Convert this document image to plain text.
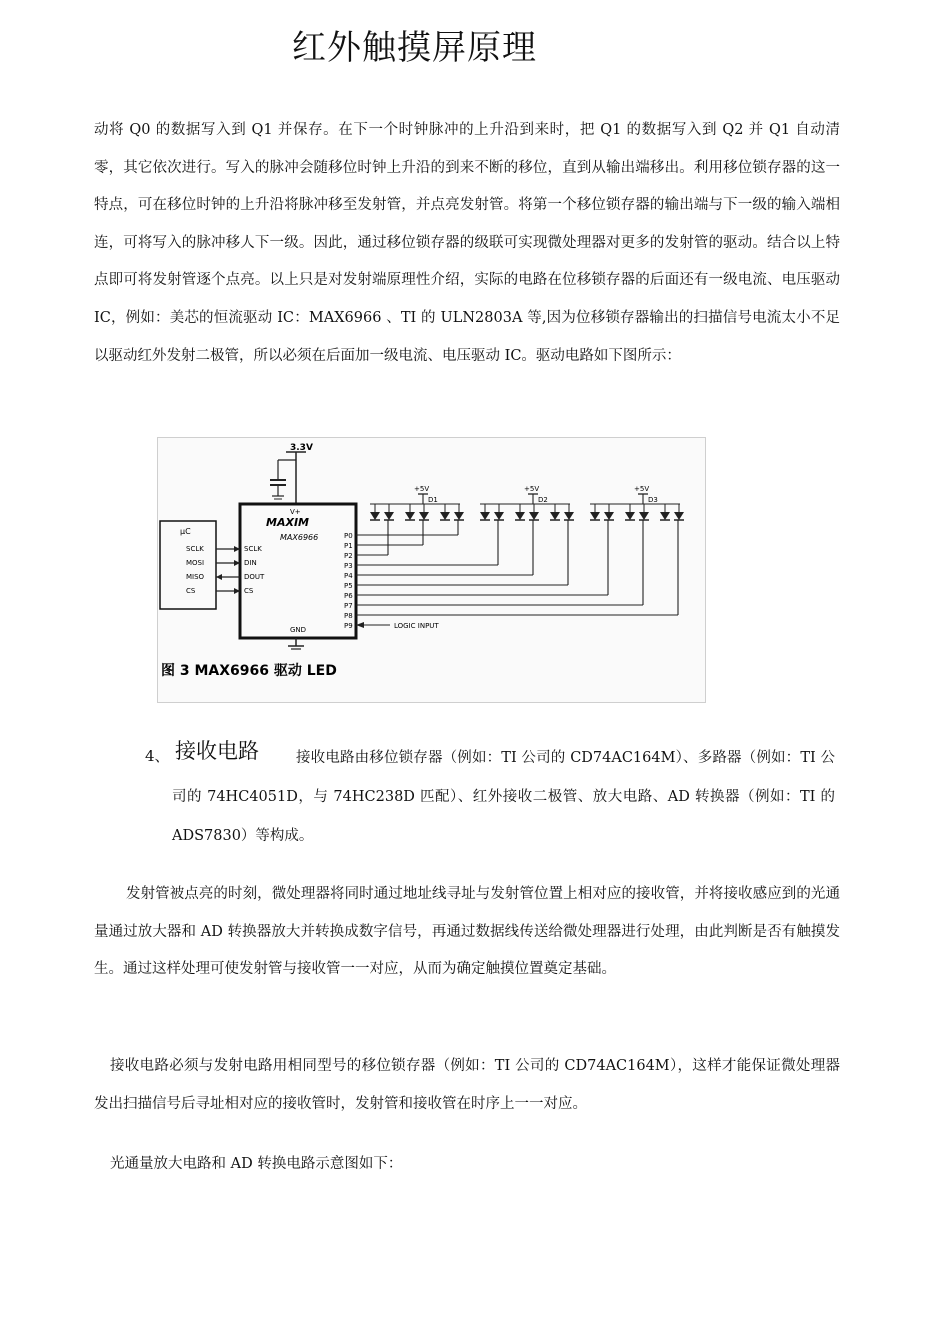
红外触摸屏原理

动将 Q0 的数据写入到 Q1 并保存。在下一个时钟脉冲的上升沿到来时，把 Q1 的数据写入到 Q2 并 Q1 自动清零，其它依次进行。写入的脉冲会随移位时钟上升沿的到来不断的移位，直到从输出端移出。利用移位锁存器的这一特点，可在移位时钟的上升沿将脉冲移至发射管，并点亮发射管。将第一个移位锁存器的输出端与下一级的输入端相连，可将写入的脉冲移人下一级。因此，通过移位锁存器的级联可实现微处理器对更多的发射管的驱动。结合以上特点即可将发射管逐个点亮。以上只是对发射端原理性介绍，实际的电路在位移锁存器的后面还有一级电流、电压驱动 IC，例如：美芯的恒流驱动 IC：MAX6966 、TI 的 ULN2803A 等,因为位移锁存器输出的扫描信号电流太小不足以驱动红外发射二极管，所以必须在后面加一级电流、电压驱动 IC。驱动电路如下图所示：

3.3V
V+
MAXIM
MAX6966
SCLK
DIN
DOUT
CS
P0
P1
P2
P3
P4
P5
P6
P7
P8
P9
GND
μC
SCLK
MOSI
MISO
CS
LOGIC INPUT
+5V
D1
+5V
D2
+5V
D3
图 3 MAX6966 驱动 LED
4、 接收电路	接收电路由移位锁存器（例如：TI 公司的 CD74AC164M）、多路器（例如：TI 公司的 74HC4051D，与 74HC238D 匹配）、红外接收二极管、放大电路、AD 转换器（例如：TI 的 ADS7830）等构成。

发射管被点亮的时刻，微处理器将同时通过地址线寻址与发射管位置上相对应的接收管，并将接收感应到的光通量通过放大器和 AD 转换器放大并转换成数字信号，再通过数据线传送给微处理器进行处理，由此判断是否有触摸发生。通过这样处理可使发射管与接收管一一对应，从而为确定触摸位置奠定基础。

接收电路必须与发射电路用相同型号的移位锁存器（例如：TI 公司的 CD74AC164M），这样才能保证微处理器发出扫描信号后寻址相对应的接收管时，发射管和接收管在时序上一一对应。

光通量放大电路和 AD 转换电路示意图如下：
